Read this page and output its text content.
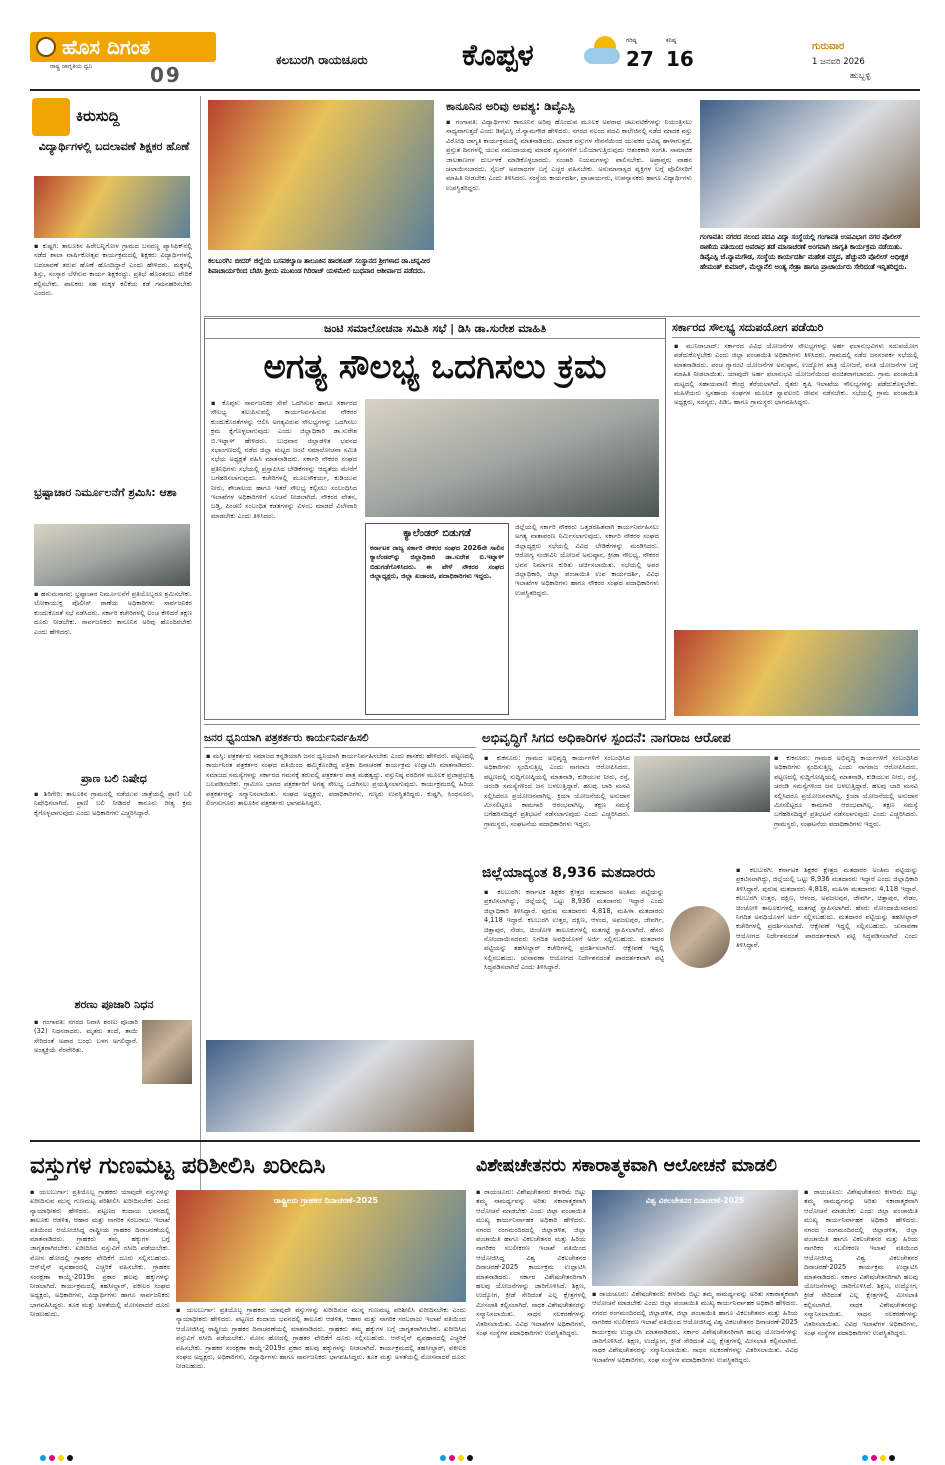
ಹೊಸ ದಿಗಂತ
ರಾಷ್ಟ್ರ ಜಾಗೃತಿಯ ಧ್ವನಿ	09
ಕಲಬುರಗಿ ರಾಯಚೂರು	ಕೊಪ್ಪಳ	ಗರಿಷ್ಠ
27
ಕನಿಷ್ಠ
16
ಗುರುವಾರ
1 ಜನವರಿ 2026
ಹುಬ್ಬಳ್ಳಿ
ಕಿರುಸುದ್ದಿ
ವಿದ್ಯಾರ್ಥಿಗಳಲ್ಲಿ ಬದಲಾವಣೆ ಶಿಕ್ಷಕರ ಹೊಣೆ
▪ ಕುಷ್ಟಗಿ: ತಾಲೂಕಿನ ಹಿರೇಬನ್ನಿಗೋಳ ಗ್ರಾಮದ ಬಸವಣ್ಣ ಪ್ಯಾಸಿಫಿಕ್‌ನಲ್ಲಿ ನಡೆದ ಶಾಲಾ ವಾರ್ಷಿಕೋತ್ಸವ ಕಾರ್ಯಕ್ರಮದಲ್ಲಿ ಶಿಕ್ಷಕರು ವಿದ್ಯಾರ್ಥಿಗಳಲ್ಲಿ ಬದಲಾವಣೆ ತರುವ ಹೊಣೆ ಹೊಂದಿದ್ದಾರೆ ಎಂದು ಹೇಳಿದರು. ಮಕ್ಕಳಲ್ಲಿ ಶಿಸ್ತು, ಸಂಸ್ಕಾರ ಬೆಳೆಸುವ ಕಾರ್ಯ ಶಿಕ್ಷಕರದ್ದು. ಪ್ರತಿಭೆ ಹೊರತರಲು ವೇದಿಕೆ ಕಲ್ಪಿಸಬೇಕು. ಪಾಲಕರು ಸಹ ಮಕ್ಕಳ ಕಲಿಕೆಯ ಕಡೆ ಗಮನಹರಿಸಬೇಕು ಎಂದರು.
ಭ್ರಷ್ಟಾಚಾರ ನಿರ್ಮೂಲನೆಗೆ ಶ್ರಮಿಸಿ: ಆಶಾ
▪ ಹನುಮಸಾಗರ: ಭ್ರಷ್ಟಾಚಾರ ನಿರ್ಮೂಲನೆಗೆ ಪ್ರತಿಯೊಬ್ಬರೂ ಶ್ರಮಿಸಬೇಕು. ಲೋಕಾಯುಕ್ತ ಪೊಲೀಸ್ ಠಾಣೆಯ ಅಧಿಕಾರಿಗಳು ಸಾರ್ವಜನಿಕರ ಕುಂದುಕೊರತೆ ಸಭೆ ನಡೆಸಿದರು. ಸರ್ಕಾರಿ ಕಚೇರಿಗಳಲ್ಲಿ ಲಂಚ ಕೇಳಿದರೆ ತಕ್ಷಣ ದೂರು ನೀಡಬೇಕು. ಸಾರ್ವಜನಿಕರು ಕಾನೂನಿನ ಅರಿವು ಹೊಂದಿರಬೇಕು ಎಂದು ಹೇಳಿದರು.
ಪ್ರಾಣ ಬಲಿ ನಿಷೇಧ
▪ ಶಿರಿಗೇರಿ: ತಾಲೂಕಿನ ಗ್ರಾಮದಲ್ಲಿ ನಡೆಯುವ ಜಾತ್ರೆಯಲ್ಲಿ ಪ್ರಾಣಿ ಬಲಿ ನಿಷೇಧಿಸಲಾಗಿದೆ. ಪ್ರಾಣಿ ಬಲಿ ನೀಡಿದರೆ ಕಾನೂನು ರೀತ್ಯ ಕ್ರಮ ಕೈಗೊಳ್ಳಲಾಗುವುದು ಎಂದು ಅಧಿಕಾರಿಗಳು ಎಚ್ಚರಿಸಿದ್ದಾರೆ.
ಶರಣು ಪೂಜಾರಿ ನಿಧನ
▪ ಗಂಗಾವತಿ: ನಗರದ ನಿವಾಸಿ ಶರಣು ಪೂಜಾರಿ (32) ನಿಧನರಾದರು. ಮೃತರು ತಂದೆ, ತಾಯಿ ಸೇರಿದಂತೆ ಅಪಾರ ಬಂಧು ಬಳಗ ಅಗಲಿದ್ದಾರೆ. ಅಂತ್ಯಕ್ರಿಯೆ ನೆರವೇರಿತು.
ಕಲಬುರಗಿ: ಬೀದರ್ ಜಿಲ್ಲೆಯ ಬಸವಕಲ್ಯಾಣ ತಾಲೂಕಿನ ಹಾರಕೂಡ್ ಸಂಸ್ಥಾನದ ಶ್ರೀಗಳಾದ ಡಾ.ಚನ್ನವೀರ ಶಿವಾಚಾರ್ಯರಿಂದ ಬೆಟಿಸಿ ಶ್ರೀಯ ಮುಖಂಡ ಗಿರಿರಾಜ್ ಯಳಮೇಲಿ ಬುಧವಾರ ಆಶೀರ್ವಾದ ಪಡೆದರು.
ಕಾನೂನಿನ ಅರಿವು ಅವಶ್ಯ: ಡಿವೈಎಸ್ಪಿ
▪ ಗಂಗಾವತಿ: ವಿದ್ಯಾರ್ಥಿಗಳು ಕಾನೂನಿನ ಅರಿವು ಹೊಂದುವ ಮೂಲಕ ಅಪರಾಧ ಚಟುವಟಿಕೆಗಳನ್ನು ನಿಯಂತ್ರಿಸಲು ಸಾಧ್ಯವಾಗುತ್ತದೆ ಎಂದು ಡಿವೈಎಸ್ಪಿ ಜೆ.ನ್ಯಾಮಗೌಡ ಹೇಳಿದರು. ನಗರದ ನಲಂದ ಪದವಿ ಕಾಲೇಜಿನಲ್ಲಿ ನಡೆದ ಮಾದಕ ವಸ್ತು ವಿರೋಧಿ ಜಾಗೃತಿ ಕಾರ್ಯಕ್ರಮದಲ್ಲಿ ಮಾತನಾಡಿದರು. ಮಾದಕ ವಸ್ತುಗಳ ಸೇವನೆಯಿಂದ ಯುವಕರ ಭವಿಷ್ಯ ಹಾಳಾಗುತ್ತದೆ. ಪ್ರಸ್ತುತ ದಿನಗಳಲ್ಲಿ ಯುವ ಸಮುದಾಯವು ಮಾದಕ ವ್ಯಸನಗಳಿಗೆ ಬಲಿಯಾಗುತ್ತಿರುವುದು ಆತಂಕಕಾರಿ ಸಂಗತಿ. ಸಾಮಾಜಿಕ ಜಾಲತಾಣಗಳ ದುರ್ಬಳಕೆ ಮಾಡಿಕೊಳ್ಳಬಾರದು. ಸಂಚಾರಿ ನಿಯಮಗಳನ್ನು ಪಾಲಿಸಬೇಕು. ಅಪ್ರಾಪ್ತರು ವಾಹನ ಚಲಾಯಿಸಬಾರದು. ಸೈಬರ್ ಅಪರಾಧಗಳ ಬಗ್ಗೆ ಎಚ್ಚರ ವಹಿಸಬೇಕು. ಅನುಮಾನಾಸ್ಪದ ವ್ಯಕ್ತಿಗಳ ಬಗ್ಗೆ ಪೊಲೀಸರಿಗೆ ಮಾಹಿತಿ ನೀಡಬೇಕು ಎಂದು ತಿಳಿಸಿದರು. ಸಂಸ್ಥೆಯ ಕಾರ್ಯದರ್ಶಿ, ಪ್ರಾಚಾರ್ಯರು, ಉಪನ್ಯಾಸಕರು ಹಾಗೂ ವಿದ್ಯಾರ್ಥಿಗಳು ಉಪಸ್ಥಿತರಿದ್ದರು.
ಗಂಗಾವತಿ: ನಗರದ ನಲಂದ ಪದವಿ ವಿದ್ಯಾ ಸಂಸ್ಥೆಯಲ್ಲಿ ಗಂಗಾವತಿ ಉಪವಿಭಾಗ ನಗರ ಪೊಲೀಸ್ ಠಾಣೆಯ ವತಿಯಿಂದ ಅಪರಾಧ ತಡೆ ಮಾಸಾಚರಣೆ ಅಂಗವಾಗಿ ಜಾಗೃತಿ ಕಾರ್ಯಕ್ರಮ ನಡೆಯಿತು. ಡಿವೈಎಸ್ಪಿ ಜೆ.ನ್ಯಾಮಗೌಡ, ಸಂಸ್ಥೆಯ ಕಾರ್ಯದರ್ಶಿ ಮಹೇಶ ವಸ್ತ್ರದ, ಹೆಚ್ಚುವರಿ ಪೊಲೀಸ್ ಅಧೀಕ್ಷಕ ಹೇಮಂತ್ ಕುಮಾರ್, ಮೆಲ್ಲಾನೆಲಿ ಅಂತ್ಯ ನೇತ್ರಾ ಹಾಗೂ ಪ್ರಾಚಾರ್ಯರು ಸೇರಿದಂತೆ ಇನ್ನಿತರಿದ್ದರು.
ಜಂಟಿ ಸಮಾಲೋಚನಾ ಸಮಿತಿ ಸಭೆ | ಡಿಸಿ ಡಾ.ಸುರೇಶ ಮಾಹಿತಿ
ಅಗತ್ಯ ಸೌಲಭ್ಯ ಒದಗಿಸಲು ಕ್ರಮ
▪ ಕೊಪ್ಪಳ: ಸಾರ್ವಜನಿಕರ ಸೇವೆ ಒದಗಿಸುವ ಹಾಗೂ ಸರ್ಕಾರದ ಸೌಲಭ್ಯ ತಲುಪಿಸುವಲ್ಲಿ ಕಾರ್ಯನಿರ್ವಹಿಸುವ ನೌಕರರ ಕುಂದುಕೊರತೆಗಳನ್ನು ಆಲಿಸಿ ಅಗತ್ಯವಿರುವ ಸೌಲಭ್ಯಗಳನ್ನು ಒದಗಿಸಲು ಕ್ರಮ ಕೈಗೊಳ್ಳಲಾಗುವುದು ಎಂದು ಜಿಲ್ಲಾಧಿಕಾರಿ ಡಾ.ಸುರೇಶ ಬಿ.ಇಟ್ನಾಳ್ ಹೇಳಿದರು. ಬುಧವಾರ ಜಿಲ್ಲಾಡಳಿತ ಭವನದ ಸಭಾಂಗಣದಲ್ಲಿ ನಡೆದ ಜಿಲ್ಲಾ ಮಟ್ಟದ ಜಂಟಿ ಸಮಾಲೋಚನಾ ಸಮಿತಿ ಸಭೆಯ ಅಧ್ಯಕ್ಷತೆ ವಹಿಸಿ ಮಾತನಾಡಿದರು. ಸರ್ಕಾರಿ ನೌಕರರ ಸಂಘದ ಪ್ರತಿನಿಧಿಗಳು ಸಭೆಯಲ್ಲಿ ಪ್ರಸ್ತಾಪಿಸಿದ ಬೇಡಿಕೆಗಳನ್ನು ಆದ್ಯತೆಯ ಮೇರೆಗೆ ಬಗೆಹರಿಸಲಾಗುವುದು. ಕಚೇರಿಗಳಲ್ಲಿ ಮೂಲಸೌಕರ್ಯ, ಕುಡಿಯುವ ನೀರು, ಶೌಚಾಲಯ ಹಾಗೂ ಇತರೆ ಸೌಲಭ್ಯ ಕಲ್ಪಿಸಲು ಸಂಬಂಧಿಸಿದ ಇಲಾಖೆಗಳ ಅಧಿಕಾರಿಗಳಿಗೆ ಸೂಚನೆ ನೀಡಲಾಗಿದೆ. ನೌಕರರ ವೇತನ, ಬಡ್ತಿ, ಪಿಂಚಣಿ ಸಂಬಂಧಿತ ಕಡತಗಳನ್ನು ವಿಳಂಬ ಮಾಡದೆ ವಿಲೇವಾರಿ ಮಾಡಬೇಕು ಎಂದು ತಿಳಿಸಿದರು.
ಕ್ಯಾಲೆಂಡರ್ ಬಿಡುಗಡೆ
ಕರ್ನಾಟಕ ರಾಜ್ಯ ಸರ್ಕಾರಿ ನೌಕರರ ಸಂಘದ 2026ನೇ ಸಾಲಿನ ಕ್ಯಾಲೆಂಡರ್‌ನ್ನು ಜಿಲ್ಲಾಧಿಕಾರಿ ಡಾ.ಸುರೇಶ ಬಿ.ಇಟ್ನಾಳ್ ಬಿಡುಗಡೆಗೊಳಿಸಿದರು. ಈ ವೇಳೆ ನೌಕರರ ಸಂಘದ ಜಿಲ್ಲಾಧ್ಯಕ್ಷರು, ಜಿಲ್ಲಾ ಖಜಾಂಚಿ, ಪದಾಧಿಕಾರಿಗಳು ಇದ್ದರು.
ಜಿಲ್ಲೆಯಲ್ಲಿ ಸರ್ಕಾರಿ ನೌಕರರು ಒತ್ತಡರಹಿತವಾಗಿ ಕಾರ್ಯನಿರ್ವಹಿಸಲು ಅಗತ್ಯ ವಾತಾವರಣ ನಿರ್ಮಿಸಲಾಗುವುದು. ಸರ್ಕಾರಿ ನೌಕರರ ಸಂಘದ ಜಿಲ್ಲಾಧ್ಯಕ್ಷರು ಸಭೆಯಲ್ಲಿ ವಿವಿಧ ಬೇಡಿಕೆಗಳನ್ನು ಮಂಡಿಸಿದರು. ಆರೋಗ್ಯ ಸಂಜೀವಿನಿ ಯೋಜನೆ ಅನುಷ್ಠಾನ, ಕ್ರೀಡಾ ಸೌಲಭ್ಯ, ನೌಕರರ ಭವನ ನಿರ್ಮಾಣ ಕುರಿತು ಚರ್ಚಿಸಲಾಯಿತು. ಸಭೆಯಲ್ಲಿ ಅಪರ ಜಿಲ್ಲಾಧಿಕಾರಿ, ಜಿಲ್ಲಾ ಪಂಚಾಯಿತಿ ಉಪ ಕಾರ್ಯದರ್ಶಿ, ವಿವಿಧ ಇಲಾಖೆಗಳ ಅಧಿಕಾರಿಗಳು ಹಾಗೂ ನೌಕರರ ಸಂಘದ ಪದಾಧಿಕಾರಿಗಳು ಉಪಸ್ಥಿತರಿದ್ದರು.
ಸರ್ಕಾರದ ಸೌಲಭ್ಯ ಸದುಪಯೋಗ ಪಡೆಯಿರಿ
▪ ಮುನಿರಾಬಾದ್: ಸರ್ಕಾರದ ವಿವಿಧ ಯೋಜನೆಗಳ ಸೌಲಭ್ಯಗಳನ್ನು ಅರ್ಹ ಫಲಾನುಭವಿಗಳು ಸದುಪಯೋಗ ಪಡೆದುಕೊಳ್ಳಬೇಕು ಎಂದು ಜಿಲ್ಲಾ ಪಂಚಾಯಿತಿ ಅಧಿಕಾರಿಗಳು ತಿಳಿಸಿದರು. ಗ್ರಾಮದಲ್ಲಿ ನಡೆದ ಜನಸಂಪರ್ಕ ಸಭೆಯಲ್ಲಿ ಮಾತನಾಡಿದರು. ಪಂಚ ಗ್ಯಾರಂಟಿ ಯೋಜನೆಗಳ ಅನುಷ್ಠಾನ, ಉದ್ಯೋಗ ಖಾತ್ರಿ ಯೋಜನೆ, ವಸತಿ ಯೋಜನೆಗಳ ಬಗ್ಗೆ ಮಾಹಿತಿ ನೀಡಲಾಯಿತು. ಯಾವುದೇ ಅರ್ಹ ಫಲಾನುಭವಿ ಯೋಜನೆಯಿಂದ ವಂಚಿತರಾಗಬಾರದು. ಗ್ರಾಮ ಪಂಚಾಯಿತಿ ಮಟ್ಟದಲ್ಲಿ ಸಹಾಯವಾಣಿ ಕೇಂದ್ರ ತೆರೆಯಲಾಗಿದೆ. ರೈತರು ಕೃಷಿ ಇಲಾಖೆಯ ಸೌಲಭ್ಯಗಳನ್ನು ಪಡೆದುಕೊಳ್ಳಬೇಕು. ಮಹಿಳೆಯರು ಸ್ವಸಹಾಯ ಸಂಘಗಳ ಮೂಲಕ ಸ್ವಾವಲಂಬಿ ಜೀವನ ನಡೆಸಬೇಕು. ಸಭೆಯಲ್ಲಿ ಗ್ರಾಮ ಪಂಚಾಯಿತಿ ಅಧ್ಯಕ್ಷರು, ಸದಸ್ಯರು, ಪಿಡಿಒ ಹಾಗೂ ಗ್ರಾಮಸ್ಥರು ಭಾಗವಹಿಸಿದ್ದರು.
ಜನರ ಧ್ವನಿಯಾಗಿ ಪತ್ರಕರ್ತರು ಕಾರ್ಯನಿರ್ವಹಿಸಲಿ
▪ ಮಸ್ಕಿ: ಪತ್ರಕರ್ತರು ಸಮಾಜದ ಕನ್ನಡಿಯಾಗಿ ಜನರ ಧ್ವನಿಯಾಗಿ ಕಾರ್ಯನಿರ್ವಹಿಸಬೇಕು ಎಂದು ಶಾಸಕರು ಹೇಳಿದರು. ಪಟ್ಟಣದಲ್ಲಿ ಕಾರ್ಯನಿರತ ಪತ್ರಕರ್ತರ ಸಂಘದ ವತಿಯಿಂದ ಹಮ್ಮಿಕೊಂಡಿದ್ದ ಪತ್ರಿಕಾ ದಿನಾಚರಣೆ ಕಾರ್ಯಕ್ರಮ ಉದ್ಘಾಟಿಸಿ ಮಾತನಾಡಿದರು. ಸಮಾಜದ ಸಮಸ್ಯೆಗಳನ್ನು ಸರ್ಕಾರದ ಗಮನಕ್ಕೆ ತರುವಲ್ಲಿ ಪತ್ರಕರ್ತರ ಪಾತ್ರ ಮಹತ್ವದ್ದು. ವಸ್ತುನಿಷ್ಠ ವರದಿಗಳ ಮೂಲಕ ಪ್ರಜಾಪ್ರಭುತ್ವ ಬಲಪಡಿಸಬೇಕು. ಗ್ರಾಮೀಣ ಭಾಗದ ಪತ್ರಕರ್ತರಿಗೆ ಅಗತ್ಯ ಸೌಲಭ್ಯ ಒದಗಿಸಲು ಪ್ರಯತ್ನಿಸಲಾಗುವುದು. ಕಾರ್ಯಕ್ರಮದಲ್ಲಿ ಹಿರಿಯ ಪತ್ರಕರ್ತರನ್ನು ಸನ್ಮಾನಿಸಲಾಯಿತು. ಸಂಘದ ಅಧ್ಯಕ್ಷರು, ಪದಾಧಿಕಾರಿಗಳು, ಗಣ್ಯರು ಉಪಸ್ಥಿತರಿದ್ದರು. ಕುಷ್ಟಗಿ, ಸಿಂಧನೂರು, ಲಿಂಗಸುಗೂರು ತಾಲೂಕಿನ ಪತ್ರಕರ್ತರು ಭಾಗವಹಿಸಿದ್ದರು.
ಅಭಿವೃದ್ಧಿಗೆ ಸಿಗದ ಅಧಿಕಾರಿಗಳ ಸ್ಪಂದನೆ: ನಾಗರಾಜ ಆರೋಪ
▪ ಕುಕನೂರು: ಗ್ರಾಮದ ಅಭಿವೃದ್ಧಿ ಕಾರ್ಯಗಳಿಗೆ ಸಂಬಂಧಿಸಿದ ಅಧಿಕಾರಿಗಳು ಸ್ಪಂದಿಸುತ್ತಿಲ್ಲ ಎಂದು ನಾಗರಾಜ ಆರೋಪಿಸಿದರು. ಪಟ್ಟಣದಲ್ಲಿ ಸುದ್ದಿಗೋಷ್ಠಿಯಲ್ಲಿ ಮಾತನಾಡಿ, ಕುಡಿಯುವ ನೀರು, ರಸ್ತೆ, ಚರಂಡಿ ಸಮಸ್ಯೆಗಳಿಂದ ಜನ ಬಳಲುತ್ತಿದ್ದಾರೆ. ಹಲವು ಬಾರಿ ಮನವಿ ಸಲ್ಲಿಸಿದರೂ ಪ್ರಯೋಜನವಾಗಿಲ್ಲ. ಕ್ರಿಯಾ ಯೋಜನೆಯಲ್ಲಿ ಅನುದಾನ ಮೀಸಲಿಟ್ಟರೂ ಕಾಮಗಾರಿ ಆರಂಭವಾಗಿಲ್ಲ. ತಕ್ಷಣ ಸಮಸ್ಯೆ ಬಗೆಹರಿಸದಿದ್ದರೆ ಪ್ರತಿಭಟನೆ ನಡೆಸಲಾಗುವುದು ಎಂದು ಎಚ್ಚರಿಸಿದರು. ಗ್ರಾಮಸ್ಥರು, ಸಂಘಟನೆಯ ಪದಾಧಿಕಾರಿಗಳು ಇದ್ದರು.
▪ ಕುಕನೂರು: ಗ್ರಾಮದ ಅಭಿವೃದ್ಧಿ ಕಾರ್ಯಗಳಿಗೆ ಸಂಬಂಧಿಸಿದ ಅಧಿಕಾರಿಗಳು ಸ್ಪಂದಿಸುತ್ತಿಲ್ಲ ಎಂದು ನಾಗರಾಜ ಆರೋಪಿಸಿದರು. ಪಟ್ಟಣದಲ್ಲಿ ಸುದ್ದಿಗೋಷ್ಠಿಯಲ್ಲಿ ಮಾತನಾಡಿ, ಕುಡಿಯುವ ನೀರು, ರಸ್ತೆ, ಚರಂಡಿ ಸಮಸ್ಯೆಗಳಿಂದ ಜನ ಬಳಲುತ್ತಿದ್ದಾರೆ. ಹಲವು ಬಾರಿ ಮನವಿ ಸಲ್ಲಿಸಿದರೂ ಪ್ರಯೋಜನವಾಗಿಲ್ಲ. ಕ್ರಿಯಾ ಯೋಜನೆಯಲ್ಲಿ ಅನುದಾನ ಮೀಸಲಿಟ್ಟರೂ ಕಾಮಗಾರಿ ಆರಂಭವಾಗಿಲ್ಲ. ತಕ್ಷಣ ಸಮಸ್ಯೆ ಬಗೆಹರಿಸದಿದ್ದರೆ ಪ್ರತಿಭಟನೆ ನಡೆಸಲಾಗುವುದು ಎಂದು ಎಚ್ಚರಿಸಿದರು. ಗ್ರಾಮಸ್ಥರು, ಸಂಘಟನೆಯ ಪದಾಧಿಕಾರಿಗಳು ಇದ್ದರು.
ಜಿಲ್ಲೆಯಾದ್ಯಂತ 8,936 ಮತದಾರರು
▪ ಕಲಬುರಗಿ: ಕರ್ನಾಟಕ ಶಿಕ್ಷಕರ ಕ್ಷೇತ್ರದ ಮತದಾರರ ಅಂತಿಮ ಪಟ್ಟಿಯನ್ನು ಪ್ರಕಟಿಸಲಾಗಿದ್ದು, ಜಿಲ್ಲೆಯಲ್ಲಿ ಒಟ್ಟು 8,936 ಮತದಾರರು ಇದ್ದಾರೆ ಎಂದು ಜಿಲ್ಲಾಧಿಕಾರಿ ತಿಳಿಸಿದ್ದಾರೆ. ಪುರುಷ ಮತದಾರರು 4,818, ಮಹಿಳಾ ಮತದಾರರು 4,118 ಇದ್ದಾರೆ. ಕಲಬುರಗಿ ಉತ್ತರ, ದಕ್ಷಿಣ, ಆಳಂದ, ಅಫಜಲಪುರ, ಜೇವರ್ಗಿ, ಚಿತ್ತಾಪುರ, ಸೇಡಂ, ಚಿಂಚೋಳಿ ತಾಲೂಕುಗಳಲ್ಲಿ ಮತಗಟ್ಟೆ ಸ್ಥಾಪಿಸಲಾಗಿದೆ. ಹೆಸರು ನೋಂದಾಯಿಸದವರು ನಿಗದಿತ ಅವಧಿಯೊಳಗೆ ಅರ್ಜಿ ಸಲ್ಲಿಸಬಹುದು. ಮತದಾರರ ಪಟ್ಟಿಯನ್ನು ತಹಸೀಲ್ದಾರ್ ಕಚೇರಿಗಳಲ್ಲಿ ಪ್ರದರ್ಶಿಸಲಾಗಿದೆ. ಆಕ್ಷೇಪಣೆ ಇದ್ದಲ್ಲಿ ಸಲ್ಲಿಸಬಹುದು. ಚುನಾವಣಾ ಆಯೋಗದ ನಿರ್ದೇಶನದಂತೆ ಪಾರದರ್ಶಕವಾಗಿ ಪಟ್ಟಿ ಸಿದ್ಧಪಡಿಸಲಾಗಿದೆ ಎಂದು ತಿಳಿಸಿದ್ದಾರೆ.
▪ ಕಲಬುರಗಿ: ಕರ್ನಾಟಕ ಶಿಕ್ಷಕರ ಕ್ಷೇತ್ರದ ಮತದಾರರ ಅಂತಿಮ ಪಟ್ಟಿಯನ್ನು ಪ್ರಕಟಿಸಲಾಗಿದ್ದು, ಜಿಲ್ಲೆಯಲ್ಲಿ ಒಟ್ಟು 8,936 ಮತದಾರರು ಇದ್ದಾರೆ ಎಂದು ಜಿಲ್ಲಾಧಿಕಾರಿ ತಿಳಿಸಿದ್ದಾರೆ. ಪುರುಷ ಮತದಾರರು 4,818, ಮಹಿಳಾ ಮತದಾರರು 4,118 ಇದ್ದಾರೆ. ಕಲಬುರಗಿ ಉತ್ತರ, ದಕ್ಷಿಣ, ಆಳಂದ, ಅಫಜಲಪುರ, ಜೇವರ್ಗಿ, ಚಿತ್ತಾಪುರ, ಸೇಡಂ, ಚಿಂಚೋಳಿ ತಾಲೂಕುಗಳಲ್ಲಿ ಮತಗಟ್ಟೆ ಸ್ಥಾಪಿಸಲಾಗಿದೆ. ಹೆಸರು ನೋಂದಾಯಿಸದವರು ನಿಗದಿತ ಅವಧಿಯೊಳಗೆ ಅರ್ಜಿ ಸಲ್ಲಿಸಬಹುದು. ಮತದಾರರ ಪಟ್ಟಿಯನ್ನು ತಹಸೀಲ್ದಾರ್ ಕಚೇರಿಗಳಲ್ಲಿ ಪ್ರದರ್ಶಿಸಲಾಗಿದೆ. ಆಕ್ಷೇಪಣೆ ಇದ್ದಲ್ಲಿ ಸಲ್ಲಿಸಬಹುದು. ಚುನಾವಣಾ ಆಯೋಗದ ನಿರ್ದೇಶನದಂತೆ ಪಾರದರ್ಶಕವಾಗಿ ಪಟ್ಟಿ ಸಿದ್ಧಪಡಿಸಲಾಗಿದೆ ಎಂದು ತಿಳಿಸಿದ್ದಾರೆ.
ವಸ್ತುಗಳ ಗುಣಮಟ್ಟ ಪರಿಶೀಲಿಸಿ ಖರೀದಿಸಿ
▪ ಯಲಬುರ್ಗಾ: ಪ್ರತಿಯೊಬ್ಬ ಗ್ರಾಹಕರು ಯಾವುದೇ ವಸ್ತುಗಳನ್ನು ಖರೀದಿಸುವ ಮುನ್ನ ಗುಣಮಟ್ಟ ಪರಿಶೀಲಿಸಿ ಖರೀದಿಸಬೇಕು ಎಂದು ನ್ಯಾಯಾಧೀಶರು ಹೇಳಿದರು. ಪಟ್ಟಣದ ಕಂದಾಯ ಭವನದಲ್ಲಿ ತಾಲೂಕು ಆಡಳಿತ, ಆಹಾರ ಮತ್ತು ನಾಗರಿಕ ಸರಬರಾಜು ಇಲಾಖೆ ವತಿಯಿಂದ ಆಯೋಜಿಸಿದ್ದ ರಾಷ್ಟ್ರೀಯ ಗ್ರಾಹಕರ ದಿನಾಚರಣೆಯಲ್ಲಿ ಮಾತನಾಡಿದರು. ಗ್ರಾಹಕರು ತಮ್ಮ ಹಕ್ಕುಗಳ ಬಗ್ಗೆ ಜಾಗೃತರಾಗಿರಬೇಕು. ಖರೀದಿಸಿದ ವಸ್ತುವಿಗೆ ರಸೀದಿ ಪಡೆಯಬೇಕು. ಮೋಸ ಹೋದಲ್ಲಿ ಗ್ರಾಹಕರ ವೇದಿಕೆಗೆ ದೂರು ಸಲ್ಲಿಸಬಹುದು. ಆನ್‌ಲೈನ್ ವ್ಯವಹಾರದಲ್ಲಿ ಎಚ್ಚರಿಕೆ ವಹಿಸಬೇಕು. ಗ್ರಾಹಕರ ಸಂರಕ್ಷಣಾ ಕಾಯ್ದೆ-2019ರ ಪ್ರಕಾರ ಹಲವು ಹಕ್ಕುಗಳನ್ನು ನೀಡಲಾಗಿದೆ. ಕಾರ್ಯಕ್ರಮದಲ್ಲಿ ತಹಸೀಲ್ದಾರ್, ವಕೀಲರ ಸಂಘದ ಅಧ್ಯಕ್ಷರು, ಅಧಿಕಾರಿಗಳು, ವಿದ್ಯಾರ್ಥಿಗಳು ಹಾಗೂ ಸಾರ್ವಜನಿಕರು ಭಾಗವಹಿಸಿದ್ದರು. ತೂಕ ಮತ್ತು ಅಳತೆಯಲ್ಲಿ ಮೋಸವಾದರೆ ದೂರು ನೀಡಬಹುದು.
ರಾಷ್ಟ್ರೀಯ ಗ್ರಾಹಕರ ದಿನಾಚರಣೆ-2025
▪ ಯಲಬುರ್ಗಾ: ಪ್ರತಿಯೊಬ್ಬ ಗ್ರಾಹಕರು ಯಾವುದೇ ವಸ್ತುಗಳನ್ನು ಖರೀದಿಸುವ ಮುನ್ನ ಗುಣಮಟ್ಟ ಪರಿಶೀಲಿಸಿ ಖರೀದಿಸಬೇಕು ಎಂದು ನ್ಯಾಯಾಧೀಶರು ಹೇಳಿದರು. ಪಟ್ಟಣದ ಕಂದಾಯ ಭವನದಲ್ಲಿ ತಾಲೂಕು ಆಡಳಿತ, ಆಹಾರ ಮತ್ತು ನಾಗರಿಕ ಸರಬರಾಜು ಇಲಾಖೆ ವತಿಯಿಂದ ಆಯೋಜಿಸಿದ್ದ ರಾಷ್ಟ್ರೀಯ ಗ್ರಾಹಕರ ದಿನಾಚರಣೆಯಲ್ಲಿ ಮಾತನಾಡಿದರು. ಗ್ರಾಹಕರು ತಮ್ಮ ಹಕ್ಕುಗಳ ಬಗ್ಗೆ ಜಾಗೃತರಾಗಿರಬೇಕು. ಖರೀದಿಸಿದ ವಸ್ತುವಿಗೆ ರಸೀದಿ ಪಡೆಯಬೇಕು. ಮೋಸ ಹೋದಲ್ಲಿ ಗ್ರಾಹಕರ ವೇದಿಕೆಗೆ ದೂರು ಸಲ್ಲಿಸಬಹುದು. ಆನ್‌ಲೈನ್ ವ್ಯವಹಾರದಲ್ಲಿ ಎಚ್ಚರಿಕೆ ವಹಿಸಬೇಕು. ಗ್ರಾಹಕರ ಸಂರಕ್ಷಣಾ ಕಾಯ್ದೆ-2019ರ ಪ್ರಕಾರ ಹಲವು ಹಕ್ಕುಗಳನ್ನು ನೀಡಲಾಗಿದೆ. ಕಾರ್ಯಕ್ರಮದಲ್ಲಿ ತಹಸೀಲ್ದಾರ್, ವಕೀಲರ ಸಂಘದ ಅಧ್ಯಕ್ಷರು, ಅಧಿಕಾರಿಗಳು, ವಿದ್ಯಾರ್ಥಿಗಳು ಹಾಗೂ ಸಾರ್ವಜನಿಕರು ಭಾಗವಹಿಸಿದ್ದರು. ತೂಕ ಮತ್ತು ಅಳತೆಯಲ್ಲಿ ಮೋಸವಾದರೆ ದೂರು ನೀಡಬಹುದು.
ವಿಶೇಷಚೇತನರು ಸಕಾರಾತ್ಮಕವಾಗಿ ಆಲೋಚನೆ ಮಾಡಲಿ
▪ ರಾಯಚೂರು: ವಿಶೇಷಚೇತನರು ಕೀಳರಿಮೆ ಬಿಟ್ಟು ತಮ್ಮ ಸಾಮರ್ಥ್ಯವನ್ನು ಅರಿತು ಸಕಾರಾತ್ಮಕವಾಗಿ ಆಲೋಚನೆ ಮಾಡಬೇಕು ಎಂದು ಜಿಲ್ಲಾ ಪಂಚಾಯಿತಿ ಮುಖ್ಯ ಕಾರ್ಯನಿರ್ವಾಹಕ ಅಧಿಕಾರಿ ಹೇಳಿದರು. ನಗರದ ರಂಗಮಂದಿರದಲ್ಲಿ ಜಿಲ್ಲಾಡಳಿತ, ಜಿಲ್ಲಾ ಪಂಚಾಯಿತಿ ಹಾಗೂ ವಿಕಲಚೇತನರ ಮತ್ತು ಹಿರಿಯ ನಾಗರಿಕರ ಸಬಲೀಕರಣ ಇಲಾಖೆ ವತಿಯಿಂದ ಆಯೋಜಿಸಿದ್ದ ವಿಶ್ವ ವಿಕಲಚೇತನರ ದಿನಾಚರಣೆ-2025 ಕಾರ್ಯಕ್ರಮ ಉದ್ಘಾಟಿಸಿ ಮಾತನಾಡಿದರು. ಸರ್ಕಾರ ವಿಶೇಷಚೇತನರಿಗಾಗಿ ಹಲವು ಯೋಜನೆಗಳನ್ನು ಜಾರಿಗೊಳಿಸಿದೆ. ಶಿಕ್ಷಣ, ಉದ್ಯೋಗ, ಕ್ರೀಡೆ ಸೇರಿದಂತೆ ಎಲ್ಲ ಕ್ಷೇತ್ರಗಳಲ್ಲಿ ಮೀಸಲಾತಿ ಕಲ್ಪಿಸಲಾಗಿದೆ. ಸಾಧಕ ವಿಶೇಷಚೇತನರನ್ನು ಸನ್ಮಾನಿಸಲಾಯಿತು. ಸಾಧನ ಸಲಕರಣೆಗಳನ್ನು ವಿತರಿಸಲಾಯಿತು. ವಿವಿಧ ಇಲಾಖೆಗಳ ಅಧಿಕಾರಿಗಳು, ಸಂಘ ಸಂಸ್ಥೆಗಳ ಪದಾಧಿಕಾರಿಗಳು ಉಪಸ್ಥಿತರಿದ್ದರು.
ವಿಶ್ವ ವಿಕಲಚೇತನರ ದಿನಾಚರಣೆ-2025
▪ ರಾಯಚೂರು: ವಿಶೇಷಚೇತನರು ಕೀಳರಿಮೆ ಬಿಟ್ಟು ತಮ್ಮ ಸಾಮರ್ಥ್ಯವನ್ನು ಅರಿತು ಸಕಾರಾತ್ಮಕವಾಗಿ ಆಲೋಚನೆ ಮಾಡಬೇಕು ಎಂದು ಜಿಲ್ಲಾ ಪಂಚಾಯಿತಿ ಮುಖ್ಯ ಕಾರ್ಯನಿರ್ವಾಹಕ ಅಧಿಕಾರಿ ಹೇಳಿದರು. ನಗರದ ರಂಗಮಂದಿರದಲ್ಲಿ ಜಿಲ್ಲಾಡಳಿತ, ಜಿಲ್ಲಾ ಪಂಚಾಯಿತಿ ಹಾಗೂ ವಿಕಲಚೇತನರ ಮತ್ತು ಹಿರಿಯ ನಾಗರಿಕರ ಸಬಲೀಕರಣ ಇಲಾಖೆ ವತಿಯಿಂದ ಆಯೋಜಿಸಿದ್ದ ವಿಶ್ವ ವಿಕಲಚೇತನರ ದಿನಾಚರಣೆ-2025 ಕಾರ್ಯಕ್ರಮ ಉದ್ಘಾಟಿಸಿ ಮಾತನಾಡಿದರು. ಸರ್ಕಾರ ವಿಶೇಷಚೇತನರಿಗಾಗಿ ಹಲವು ಯೋಜನೆಗಳನ್ನು ಜಾರಿಗೊಳಿಸಿದೆ. ಶಿಕ್ಷಣ, ಉದ್ಯೋಗ, ಕ್ರೀಡೆ ಸೇರಿದಂತೆ ಎಲ್ಲ ಕ್ಷೇತ್ರಗಳಲ್ಲಿ ಮೀಸಲಾತಿ ಕಲ್ಪಿಸಲಾಗಿದೆ. ಸಾಧಕ ವಿಶೇಷಚೇತನರನ್ನು ಸನ್ಮಾನಿಸಲಾಯಿತು. ಸಾಧನ ಸಲಕರಣೆಗಳನ್ನು ವಿತರಿಸಲಾಯಿತು. ವಿವಿಧ ಇಲಾಖೆಗಳ ಅಧಿಕಾರಿಗಳು, ಸಂಘ ಸಂಸ್ಥೆಗಳ ಪದಾಧಿಕಾರಿಗಳು ಉಪಸ್ಥಿತರಿದ್ದರು.
▪ ರಾಯಚೂರು: ವಿಶೇಷಚೇತನರು ಕೀಳರಿಮೆ ಬಿಟ್ಟು ತಮ್ಮ ಸಾಮರ್ಥ್ಯವನ್ನು ಅರಿತು ಸಕಾರಾತ್ಮಕವಾಗಿ ಆಲೋಚನೆ ಮಾಡಬೇಕು ಎಂದು ಜಿಲ್ಲಾ ಪಂಚಾಯಿತಿ ಮುಖ್ಯ ಕಾರ್ಯನಿರ್ವಾಹಕ ಅಧಿಕಾರಿ ಹೇಳಿದರು. ನಗರದ ರಂಗಮಂದಿರದಲ್ಲಿ ಜಿಲ್ಲಾಡಳಿತ, ಜಿಲ್ಲಾ ಪಂಚಾಯಿತಿ ಹಾಗೂ ವಿಕಲಚೇತನರ ಮತ್ತು ಹಿರಿಯ ನಾಗರಿಕರ ಸಬಲೀಕರಣ ಇಲಾಖೆ ವತಿಯಿಂದ ಆಯೋಜಿಸಿದ್ದ ವಿಶ್ವ ವಿಕಲಚೇತನರ ದಿನಾಚರಣೆ-2025 ಕಾರ್ಯಕ್ರಮ ಉದ್ಘಾಟಿಸಿ ಮಾತನಾಡಿದರು. ಸರ್ಕಾರ ವಿಶೇಷಚೇತನರಿಗಾಗಿ ಹಲವು ಯೋಜನೆಗಳನ್ನು ಜಾರಿಗೊಳಿಸಿದೆ. ಶಿಕ್ಷಣ, ಉದ್ಯೋಗ, ಕ್ರೀಡೆ ಸೇರಿದಂತೆ ಎಲ್ಲ ಕ್ಷೇತ್ರಗಳಲ್ಲಿ ಮೀಸಲಾತಿ ಕಲ್ಪಿಸಲಾಗಿದೆ. ಸಾಧಕ ವಿಶೇಷಚೇತನರನ್ನು ಸನ್ಮಾನಿಸಲಾಯಿತು. ಸಾಧನ ಸಲಕರಣೆಗಳನ್ನು ವಿತರಿಸಲಾಯಿತು. ವಿವಿಧ ಇಲಾಖೆಗಳ ಅಧಿಕಾರಿಗಳು, ಸಂಘ ಸಂಸ್ಥೆಗಳ ಪದಾಧಿಕಾರಿಗಳು ಉಪಸ್ಥಿತರಿದ್ದರು.
